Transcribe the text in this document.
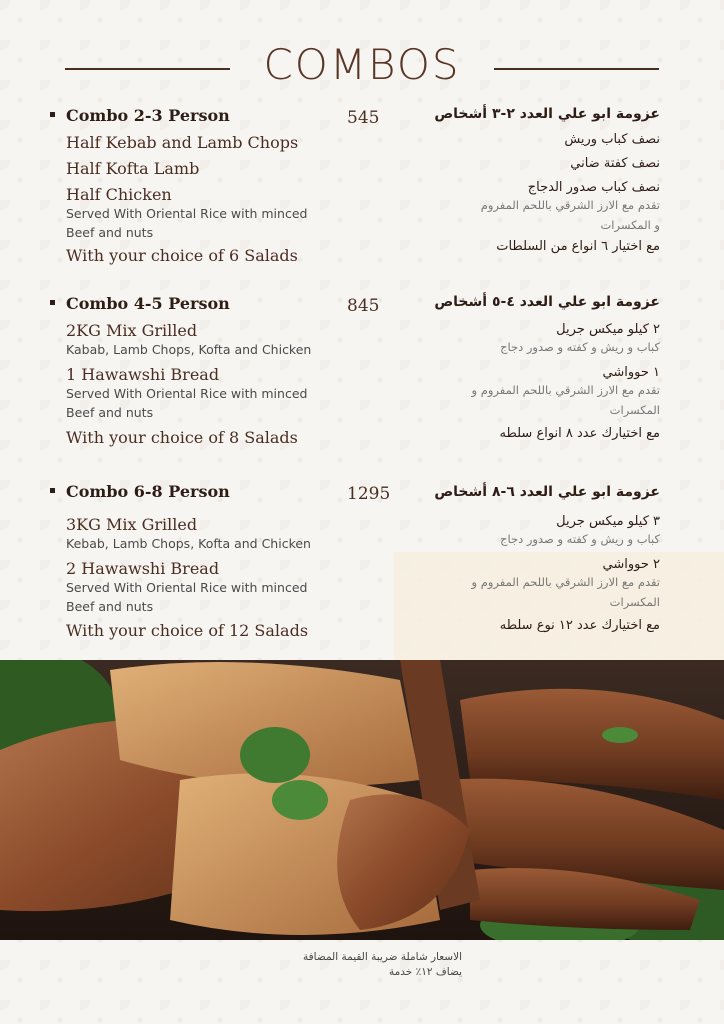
COMBOS
Combo 2-3 Person
Half Kebab and Lamb Chops
Half Kofta Lamb
Half Chicken
Served With Oriental Rice with minced
Beef and nuts
With your choice of 6 Salads
545	عزومة ابو علي العدد ٢-٣ أشخاص
نصف كباب وريش
نصف كفتة ضاني
نصف كباب صدور الدجاج
تقدم مع الارز الشرقي باللحم المفروم
و المكسرات
مع اختيار ٦ انواع من السلطات
Combo 4-5 Person
2KG Mix Grilled
Kabab, Lamb Chops, Kofta and Chicken
1 Hawawshi Bread
Served With Oriental Rice with minced
Beef and nuts
With your choice of 8 Salads
845	عزومة ابو علي العدد ٤-٥ أشخاص
٢ كيلو ميكس جريل
كباب و ريش و كفته و صدور دجاج
١ حوواشي
تقدم مع الارز الشرقي باللحم المفروم و
المكسرات
مع اختيارك عدد ٨ انواع سلطه
Combo 6-8 Person
3KG Mix Grilled
Kebab, Lamb Chops, Kofta and Chicken
2 Hawawshi Bread
Served With Oriental Rice with minced
Beef and nuts
With your choice of 12 Salads
1295	عزومة ابو علي العدد ٦-٨ أشخاص
٣ كيلو ميكس جريل
كباب و ريش و كفته و صدور دجاج
٢ حوواشي
تقدم مع الارز الشرقي باللحم المفروم و
المكسرات
مع اختيارك عدد ١٢ نوع سلطه
الاسعار شاملة ضريبة القيمة المضافة
يضاف ١٢٪ خدمة
